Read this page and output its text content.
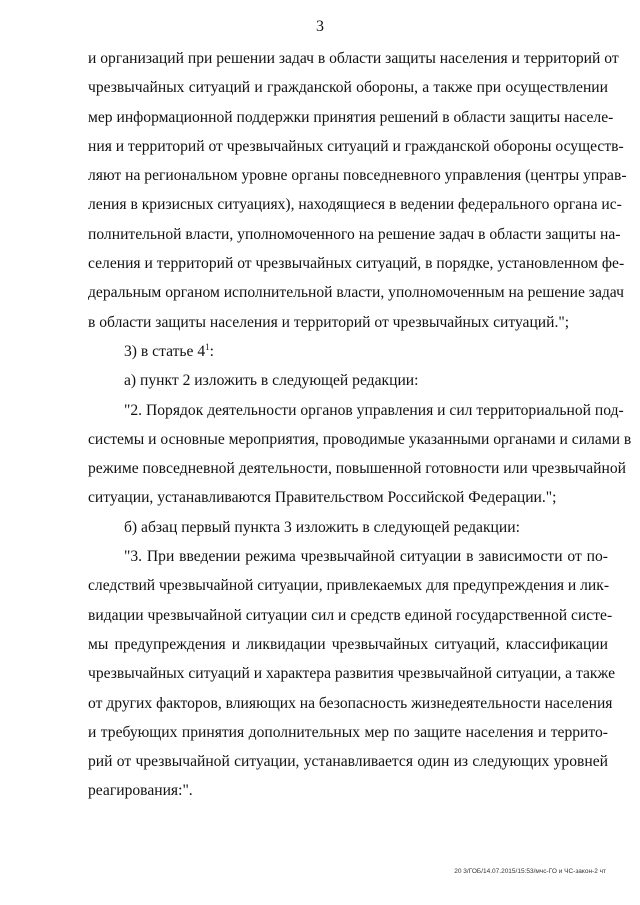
3
и организаций при решении задач в области защиты населения и территорий от
чрезвычайных ситуаций и гражданской обороны, а также при осуществлении
мер информационной поддержки принятия решений в области защиты населе-
ния и территорий от чрезвычайных ситуаций и гражданской обороны осуществ-
ляют на региональном уровне органы повседневного управления (центры управ-
ления в кризисных ситуациях), находящиеся в ведении федерального органа ис-
полнительной власти, уполномоченного на решение задач в области защиты на-
селения и территорий от чрезвычайных ситуаций, в порядке, установленном фе-
деральным органом исполнительной власти, уполномоченным на решение задач
в области защиты населения и территорий от чрезвычайных ситуаций.";
3) в статье $4^1$:
а) пункт 2 изложить в следующей редакции:
"2. Порядок деятельности органов управления и сил территориальной под-
системы и основные мероприятия, проводимые указанными органами и силами в
режиме повседневной деятельности, повышенной готовности или чрезвычайной
ситуации, устанавливаются Правительством Российской Федерации.";
б) абзац первый пункта 3 изложить в следующей редакции:
"3. При введении режима чрезвычайной ситуации в зависимости от по-
следствий чрезвычайной ситуации, привлекаемых для предупреждения и лик-
видации чрезвычайной ситуации сил и средств единой государственной систе-
мы предупреждения и ликвидации чрезвычайных ситуаций, классификации
чрезвычайных ситуаций и характера развития чрезвычайной ситуации, а также
от других факторов, влияющих на безопасность жизнедеятельности населения
и требующих принятия дополнительных мер по защите населения и террито-
рий от чрезвычайной ситуации, устанавливается один из следующих уровней
реагирования:".
20 3/ГОБ/14.07.2015/15:53/мчс-ГО и ЧС-закон-2 чт
